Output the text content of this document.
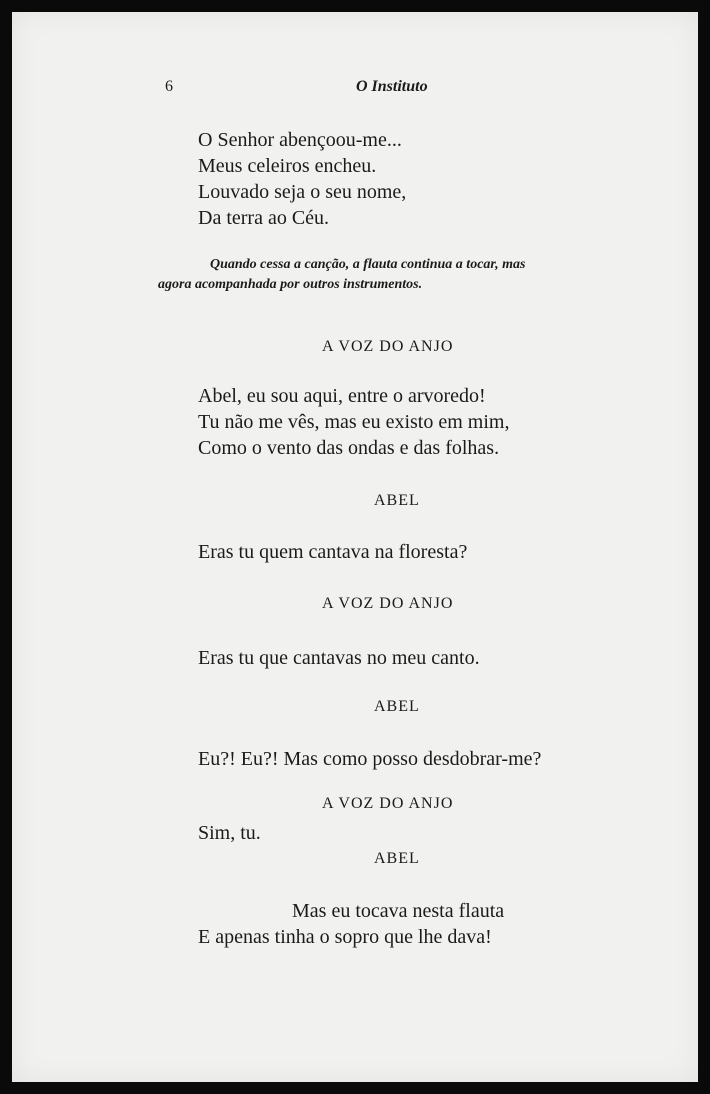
6	O Instituto
O Senhor abençoou-me...
Meus celeiros encheu.
Louvado seja o seu nome,
Da terra ao Céu.
Quando cessa a canção, a flauta continua a tocar, mas
agora acompanhada por outros instrumentos.
A VOZ DO ANJO
Abel, eu sou aqui, entre o arvoredo!
Tu não me vês, mas eu existo em mim,
Como o vento das ondas e das folhas.
ABEL
Eras tu quem cantava na floresta?
A VOZ DO ANJO
Eras tu que cantavas no meu canto.
ABEL
Eu?! Eu?! Mas como posso desdobrar-me?
A VOZ DO ANJO
Sim, tu.
ABEL
Mas eu tocava nesta flauta
E apenas tinha o sopro que lhe dava!
